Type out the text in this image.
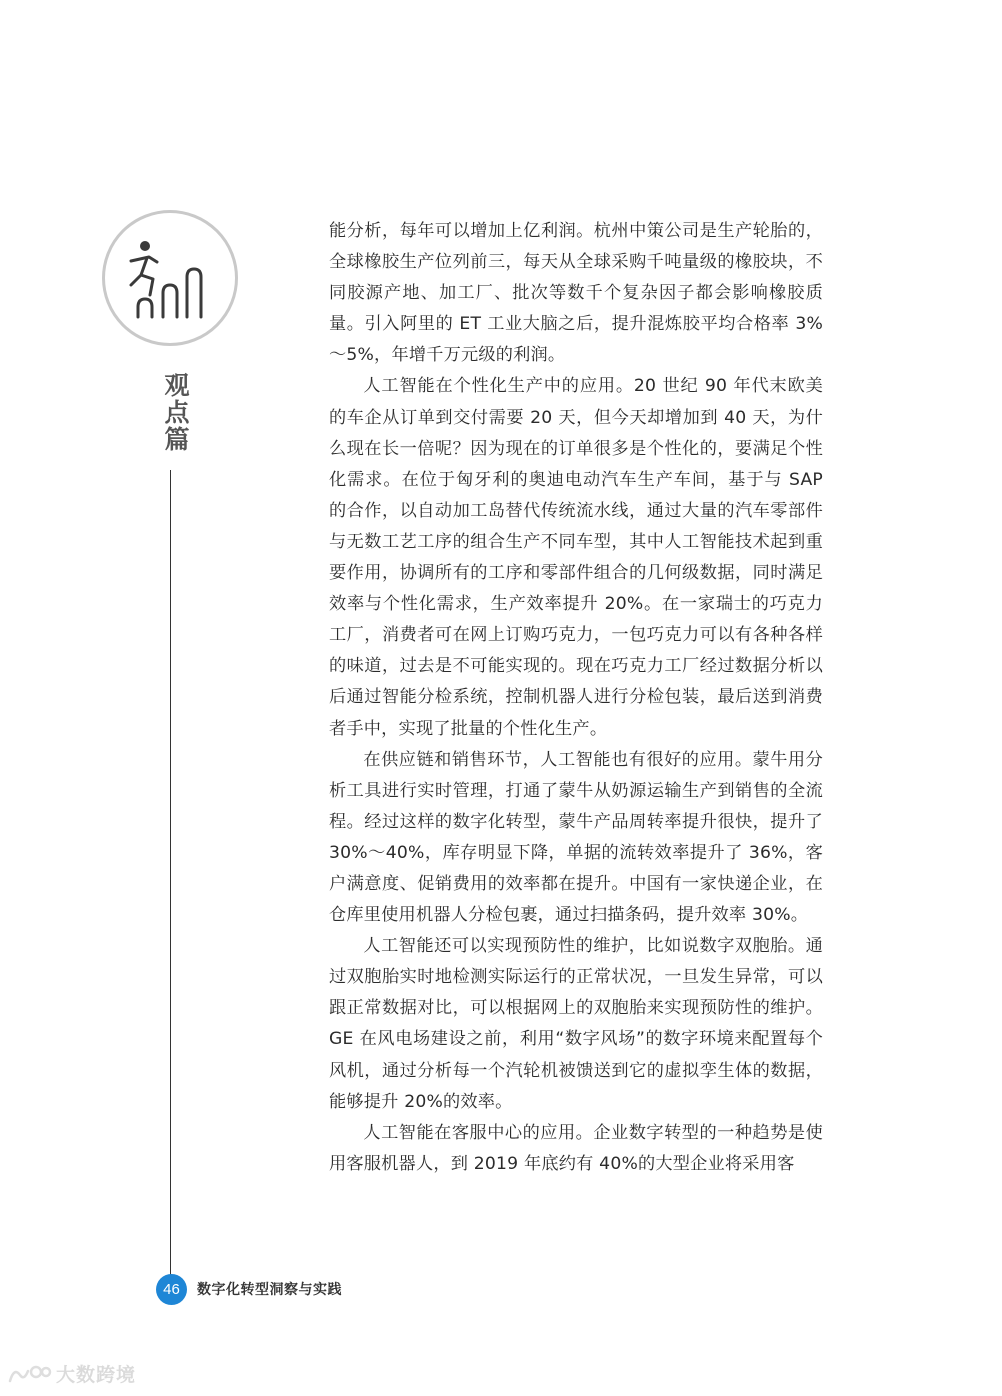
观点篇

能分析，每年可以增加上亿利润。杭州中策公司是生产轮胎的，全球橡胶生产位列前三，每天从全球采购千吨量级的橡胶块，不同胶源产地、加工厂、批次等数千个复杂因子都会影响橡胶质量。引入阿里的 ET 工业大脑之后，提升混炼胶平均合格率 3%～5%，年增千万元级的利润。

人工智能在个性化生产中的应用。20 世纪 90 年代末欧美的车企从订单到交付需要 20 天，但今天却增加到 40 天，为什么现在长一倍呢？因为现在的订单很多是个性化的，要满足个性化需求。在位于匈牙利的奥迪电动汽车生产车间，基于与 SAP 的合作，以自动加工岛替代传统流水线，通过大量的汽车零部件与无数工艺工序的组合生产不同车型，其中人工智能技术起到重要作用，协调所有的工序和零部件组合的几何级数据，同时满足效率与个性化需求，生产效率提升 20%。在一家瑞士的巧克力工厂，消费者可在网上订购巧克力，一包巧克力可以有各种各样的味道，过去是不可能实现的。现在巧克力工厂经过数据分析以后通过智能分检系统，控制机器人进行分检包装，最后送到消费者手中，实现了批量的个性化生产。

在供应链和销售环节，人工智能也有很好的应用。蒙牛用分析工具进行实时管理，打通了蒙牛从奶源运输生产到销售的全流程。经过这样的数字化转型，蒙牛产品周转率提升很快，提升了 30%～40%，库存明显下降，单据的流转效率提升了 36%，客户满意度、促销费用的效率都在提升。中国有一家快递企业，在仓库里使用机器人分检包裹，通过扫描条码，提升效率 30%。

人工智能还可以实现预防性的维护，比如说数字双胞胎。通过双胞胎实时地检测实际运行的正常状况，一旦发生异常，可以跟正常数据对比，可以根据网上的双胞胎来实现预防性的维护。GE 在风电场建设之前，利用“数字风场”的数字环境来配置每个风机，通过分析每一个汽轮机被馈送到它的虚拟孪生体的数据，能够提升 20%的效率。

人工智能在客服中心的应用。企业数字转型的一种趋势是使用客服机器人，到 2019 年底约有 40%的大型企业将采用客

46	数字化转型洞察与实践
大数跨境
